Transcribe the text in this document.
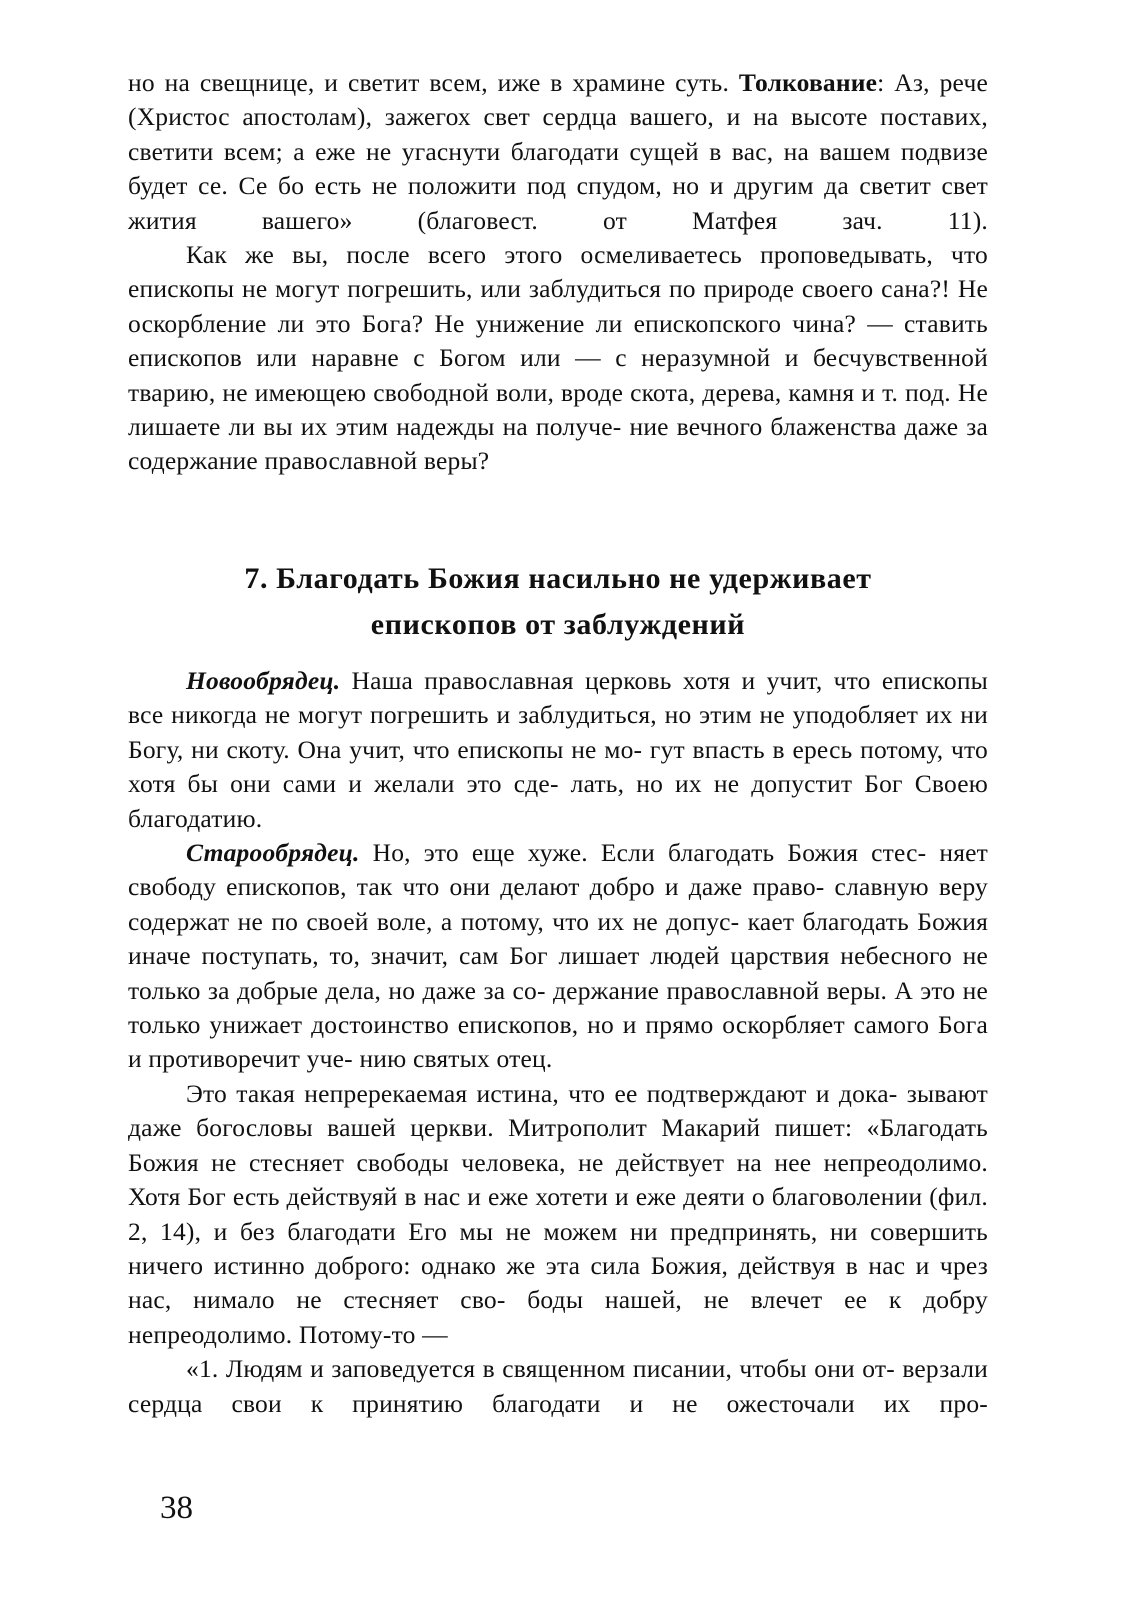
но на свещнице, и светит всем, иже в храмине суть. Толкование: Аз, рече (Христос апостолам), зажегох свет сердца вашего, и на высоте поставих, светити всем; а еже не угаснути благодати сущей в вас, на вашем подвизе будет се. Се бо есть не положити под спудом, но и другим да светит свет жития вашего» (благовест. от Матфея зач. 11).

Как же вы, после всего этого осмеливаетесь проповедывать, что епископы не могут погрешить, или заблудиться по природе своего сана?! Не оскорбление ли это Бога? Не унижение ли епископского чина? — ставить епископов или наравне с Богом или — с неразумной и бесчувственной тварию, не имеющею свободной воли, вроде скота, дерева, камня и т. под. Не лишаете ли вы их этим надежды на получе- ние вечного блаженства даже за содержание православной веры?

7. Благодать Божия насильно не удерживает
епископов от заблуждений

Новообрядец. Наша православная церковь хотя и учит, что епископы все никогда не могут погрешить и заблудиться, но этим не уподобляет их ни Богу, ни скоту. Она учит, что епископы не мо- гут впасть в ересь потому, что хотя бы они сами и желали это сде- лать, но их не допустит Бог Своею благодатию.

Старообрядец. Но, это еще хуже. Если благодать Божия стес- няет свободу епископов, так что они делают добро и даже право- славную веру содержат не по своей воле, а потому, что их не допус- кает благодать Божия иначе поступать, то, значит, сам Бог лишает людей царствия небесного не только за добрые дела, но даже за со- держание православной веры. А это не только унижает достоинство епископов, но и прямо оскорбляет самого Бога и противоречит уче- нию святых отец.

Это такая непререкаемая истина, что ее подтверждают и дока- зывают даже богословы вашей церкви. Митрополит Макарий пишет: «Благодать Божия не стесняет свободы человека, не действует на нее непреодолимо. Хотя Бог есть действуяй в нас и еже хотети и еже деяти о благоволении (фил. 2, 14), и без благодати Его мы не можем ни предпринять, ни совершить ничего истинно доброго: однако же эта сила Божия, действуя в нас и чрез нас, нимало не стесняет сво- боды нашей, не влечет ее к добру непреодолимо. Потому-то —

«1. Людям и заповедуется в священном писании, чтобы они от- верзали сердца свои к принятию благодати и не ожесточали их про-

38
